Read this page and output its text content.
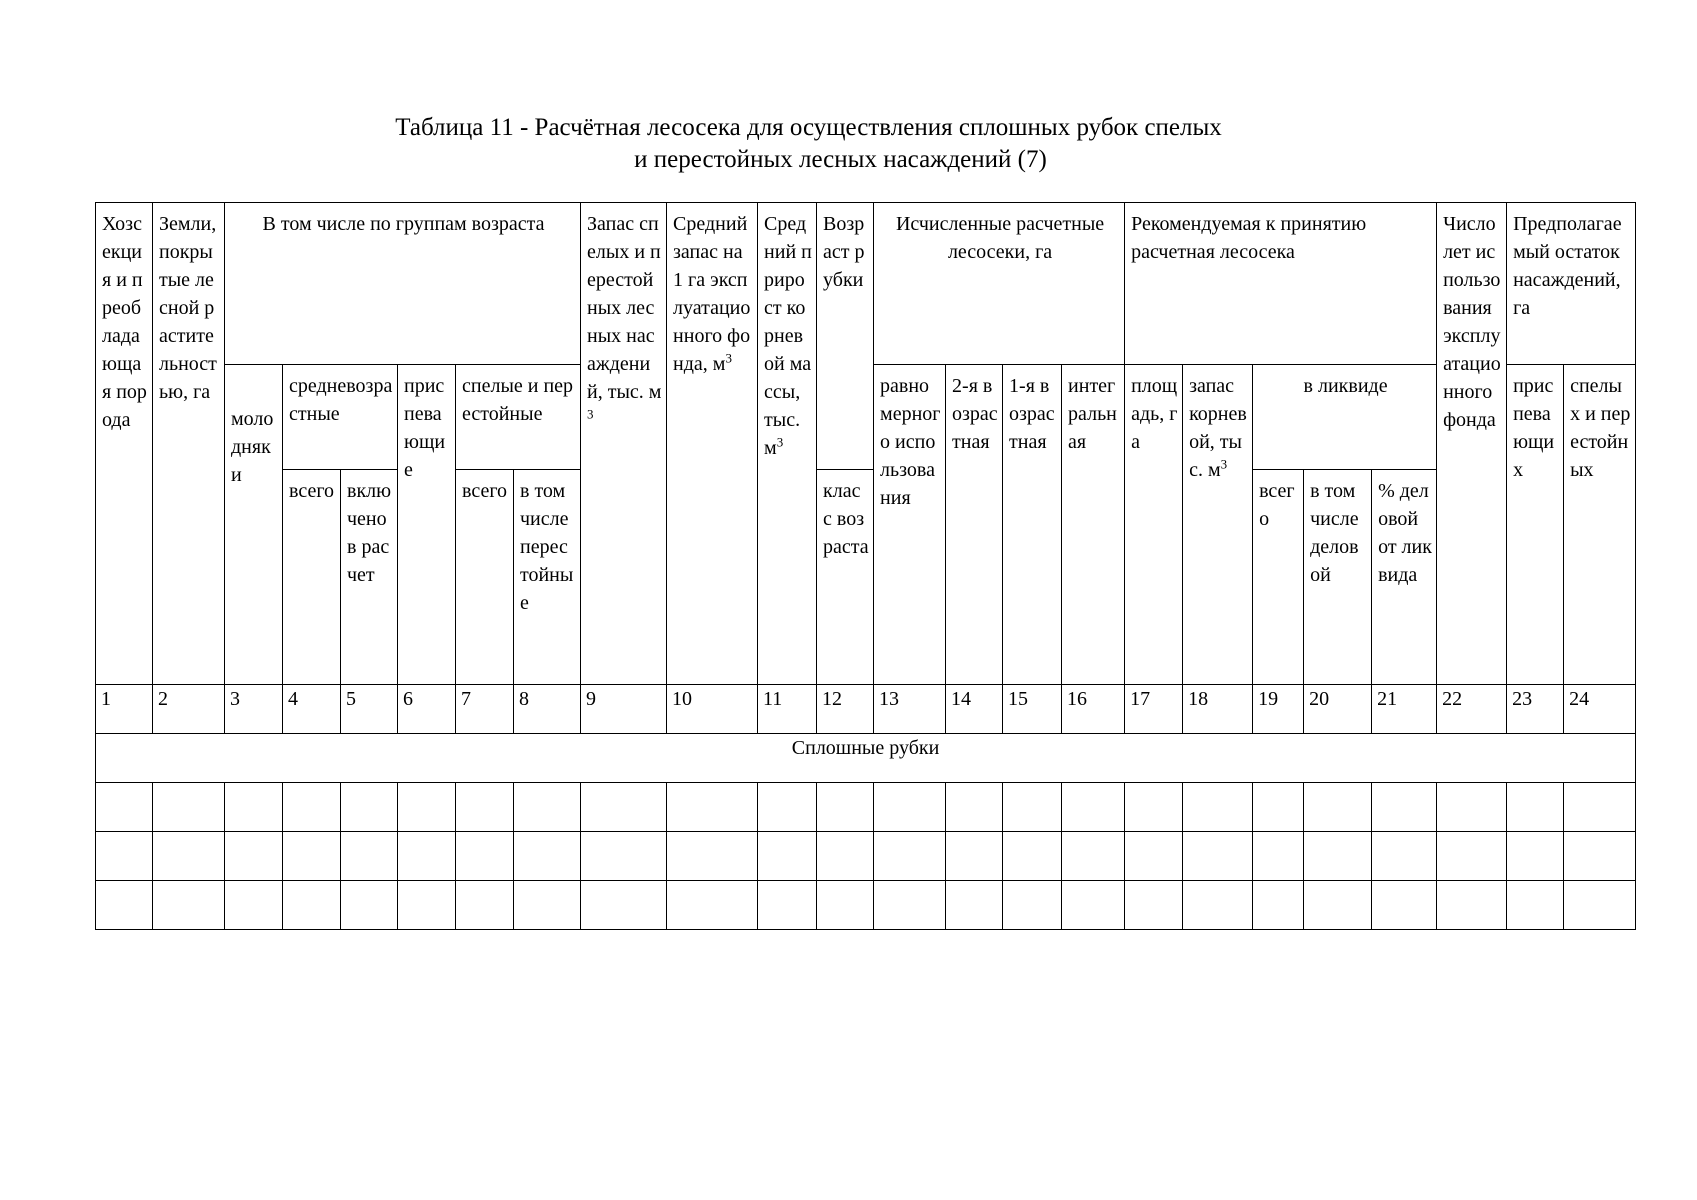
Таблица 11 - Расчётная лесосека для осуществления сплошных рубок спелых
и перестойных лесных насаждений (7)
Хозсекция и преобладающая порода	Земли, покрытые лесной растительностью, га	В том числе по группам возраста						Запас спелых и перестойных лесных насаждений, тыс. $м^3$	Средний запас на 1 га эксплуатационного фонда, $м^3$	Средний прирост корневой массы, тыс. $м^3$	Возраст рубки	Исчисленные расчетные лесосеки, га				Рекомендуемая к принятию расчетная лесосека					Число лет использования эксплуатационного фонда	Предполагаемый остаток насаждений, га	
		молодняки	средневозрастные		приспевающие	спелые и перестойные						равномерного использования	2-я возрастная	1-я возрастная	интегральная	площадь, га	запас корневой, тыс. $м^3$	в ликвиде				приспевающих	спелых и перестойных
			всего	включено в расчет		всего	в том числе перестойные				класс возраста							всего	в том числе деловой	% деловой от ликвида			
1	2	3	4	5	6	7	8	9	10	11	12	13	14	15	16	17	18	19	20	21	22	23	24
Сплошные рубки																							
